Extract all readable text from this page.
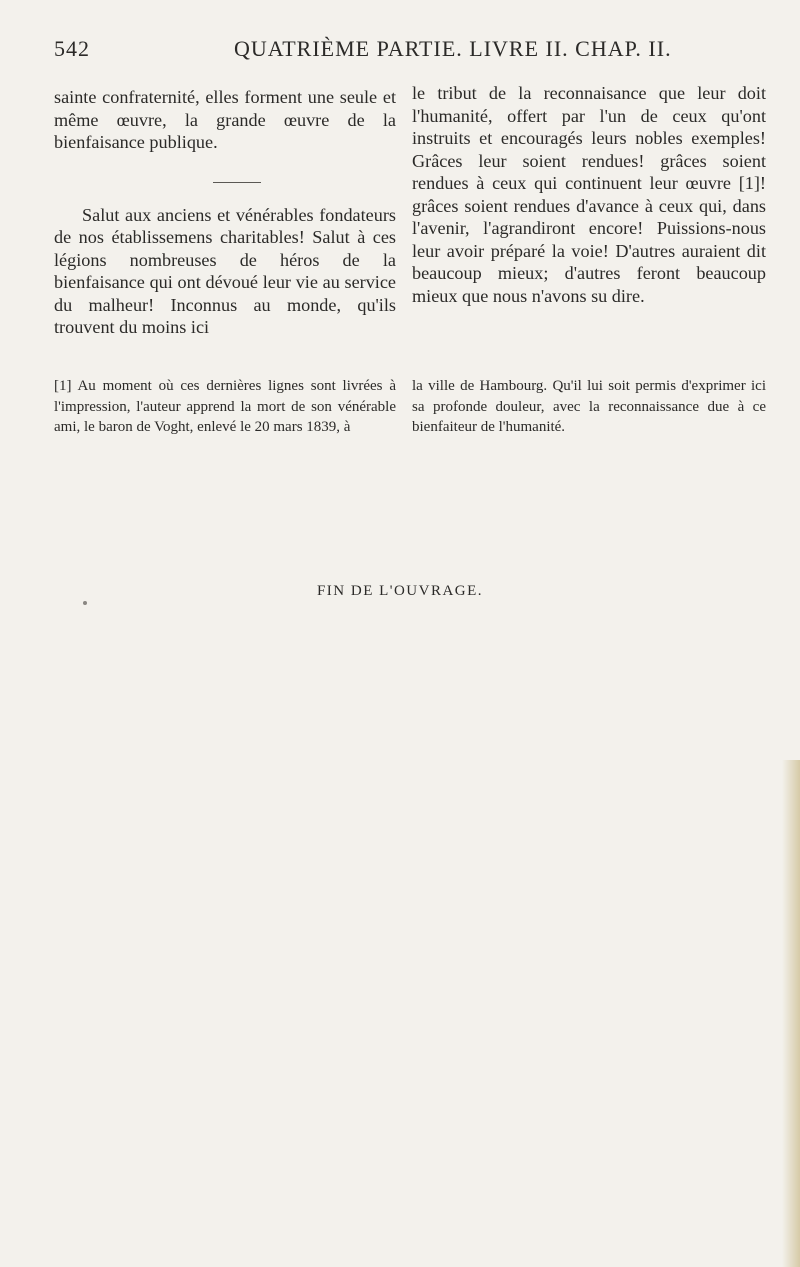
542	QUATRIÈME PARTIE. LIVRE II. CHAP. II.

sainte confraternité, elles forment une seule et même œuvre, la grande œuvre de la bienfaisance publique.

Salut aux anciens et vénérables fondateurs de nos établissemens charitables! Salut à ces légions nombreuses de héros de la bienfaisance qui ont dévoué leur vie au service du malheur! Inconnus au monde, qu'ils trouvent du moins ici

le tribut de la reconnaisance que leur doit l'humanité, offert par l'un de ceux qu'ont instruits et encouragés leurs nobles exemples! Grâces leur soient rendues! grâces soient rendues à ceux qui continuent leur œuvre [1]! grâces soient rendues d'avance à ceux qui, dans l'avenir, l'agrandiront encore! Puissions-nous leur avoir préparé la voie! D'autres auraient dit beaucoup mieux; d'autres feront beaucoup mieux que nous n'avons su dire.

[1] Au moment où ces dernières lignes sont livrées à l'impression, l'auteur apprend la mort de son vénérable ami, le baron de Voght, enlevé le 20 mars 1839, à
la ville de Hambourg. Qu'il lui soit permis d'exprimer ici sa profonde douleur, avec la reconnaissance due à ce bienfaiteur de l'humanité.
FIN DE L'OUVRAGE.
